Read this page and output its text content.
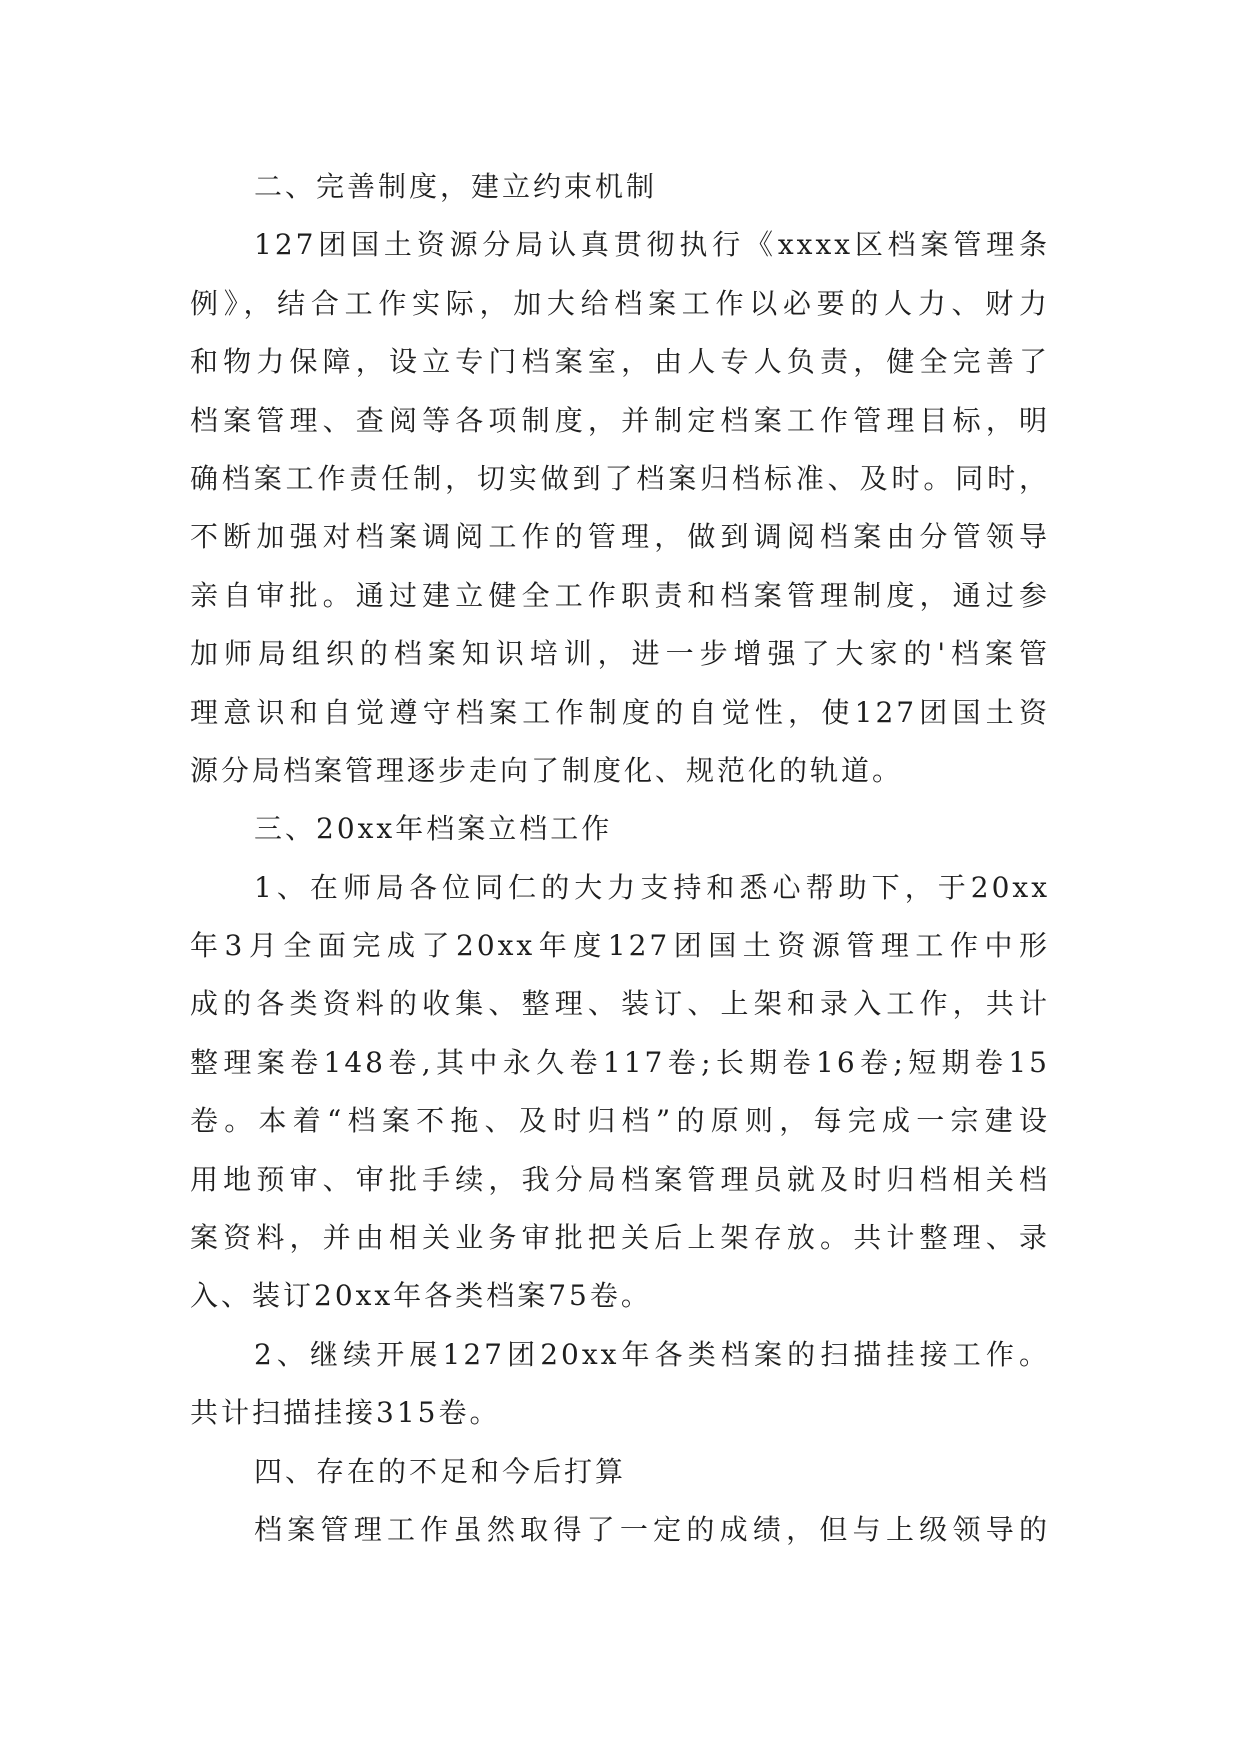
二、完善制度，建立约束机制
127团国土资源分局认真贯彻执行《xxxx区档案管理条
例》，结合工作实际，加大给档案工作以必要的人力、财力
和物力保障，设立专门档案室，由人专人负责，健全完善了
档案管理、查阅等各项制度，并制定档案工作管理目标，明
确档案工作责任制，切实做到了档案归档标准、及时。同时，
不断加强对档案调阅工作的管理，做到调阅档案由分管领导
亲自审批。通过建立健全工作职责和档案管理制度，通过参
加师局组织的档案知识培训，进一步增强了大家的'档案管
理意识和自觉遵守档案工作制度的自觉性，使127团国土资
源分局档案管理逐步走向了制度化、规范化的轨道。
三、20xx年档案立档工作
1、在师局各位同仁的大力支持和悉心帮助下，于20xx
年3月全面完成了20xx年度127团国土资源管理工作中形
成的各类资料的收集、整理、装订、上架和录入工作，共计
整理案卷148卷,其中永久卷117卷;长期卷16卷;短期卷15
卷。本着“档案不拖、及时归档”的原则，每完成一宗建设
用地预审、审批手续，我分局档案管理员就及时归档相关档
案资料，并由相关业务审批把关后上架存放。共计整理、录
入、装订20xx年各类档案75卷。
2、继续开展127团20xx年各类档案的扫描挂接工作。
共计扫描挂接315卷。
四、存在的不足和今后打算
档案管理工作虽然取得了一定的成绩，但与上级领导的
